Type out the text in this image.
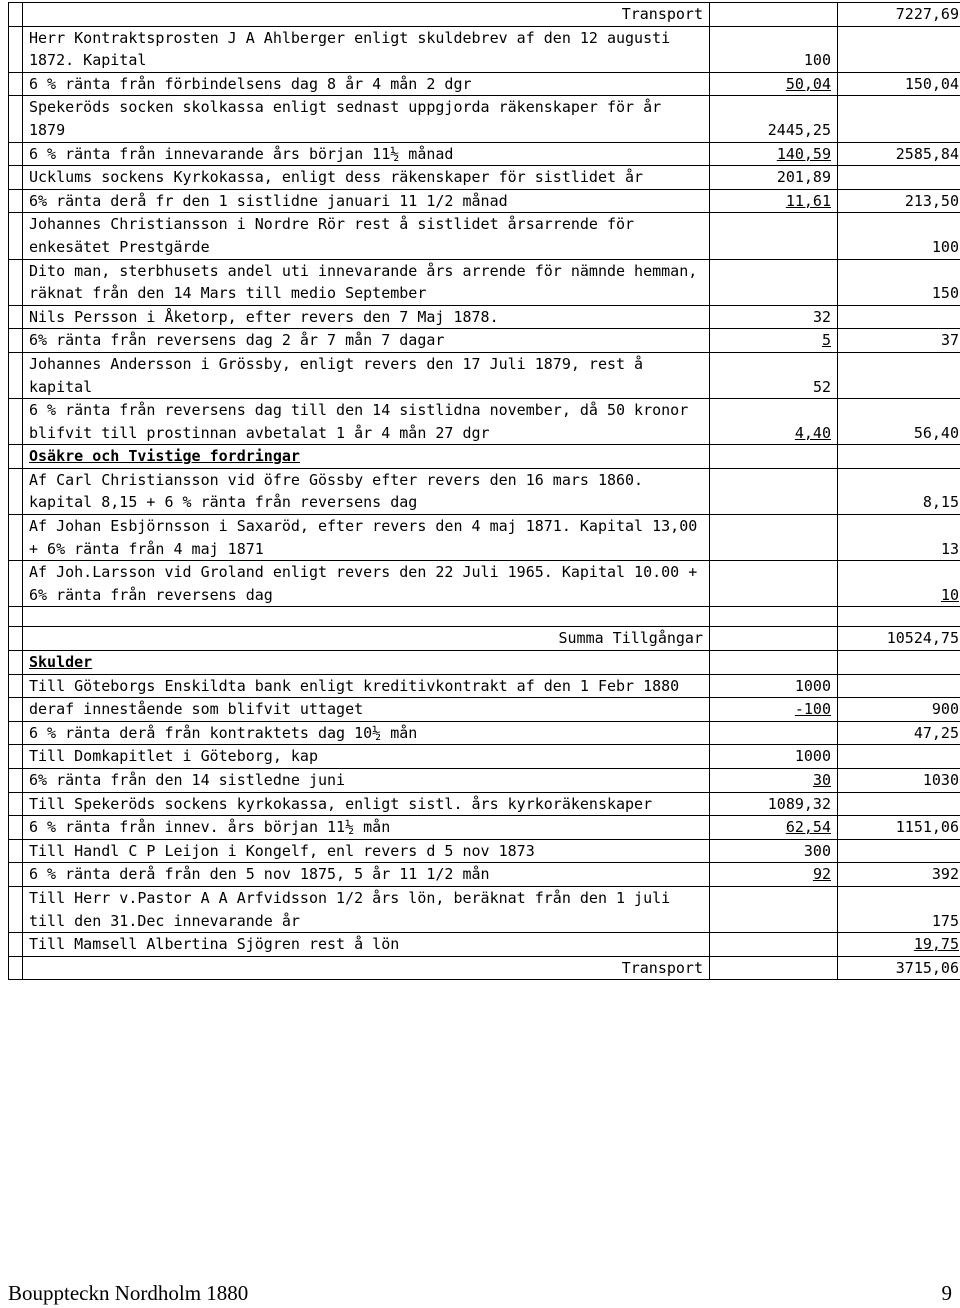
	Transport		7227,69
	Herr Kontraktsprosten J A Ahlberger enligt skuldebrev af den 12 augusti 1872. Kapital	100	
	6 % ränta från förbindelsens dag 8 år 4 mån 2 dgr	50,04	150,04
	Spekeröds socken skolkassa enligt sednast uppgjorda räkenskaper för år 1879	2445,25	
	6 % ränta från innevarande års början 11½ månad	140,59	2585,84
	Ucklums sockens Kyrkokassa, enligt dess räkenskaper för sistlidet år	201,89	
	6% ränta derå fr den 1 sistlidne januari 11 1/2 månad	11,61	213,50
	Johannes Christiansson i Nordre Rör rest å sistlidet årsarrende för enkesätet Prestgärde		100
	Dito man, sterbhusets andel uti innevarande års arrende för nämnde hemman, räknat från den 14 Mars till medio September		150
	Nils Persson i Åketorp, efter revers den 7 Maj 1878.	32	
	6% ränta från reversens dag 2 år 7 mån 7 dagar	5	37
	Johannes Andersson i Grössby, enligt revers den 17 Juli 1879, rest å kapital	52	
	6 % ränta från reversens dag till den 14 sistlidna november, då 50 kronor blifvit till prostinnan avbetalat 1 år 4 mån 27 dgr	4,40	56,40
	Osäkre och Tvistige fordringar		
	Af Carl Christiansson vid öfre Gössby efter revers den 16 mars 1860. kapital 8,15 + 6 % ränta från reversens dag		8,15
	Af Johan Esbjörnsson i Saxaröd, efter revers den 4 maj 1871. Kapital 13,00 + 6% ränta från 4 maj 1871		13
	Af Joh.Larsson vid Groland enligt revers den 22 Juli 1965. Kapital 10.00 + 6% ränta från reversens dag		10

	Summa Tillgångar		10524,75
	Skulder		
	Till Göteborgs Enskildta bank enligt kreditivkontrakt af den 1 Febr 1880	1000	
	deraf innestående som blifvit uttaget	-100	900
	6 % ränta derå från kontraktets dag 10½ mån		47,25
	Till Domkapitlet i Göteborg, kap	1000	
	6% ränta från den 14 sistledne juni	30	1030
	Till Spekeröds sockens kyrkokassa, enligt sistl. års kyrkoräkenskaper	1089,32	
	6 % ränta från innev. års början 11½ mån	62,54	1151,06
	Till Handl C P Leijon i Kongelf, enl revers d 5 nov 1873	300	
	6 % ränta derå från den 5 nov 1875, 5 år 11 1/2 mån	92	392
	Till Herr v.Pastor A A Arfvidsson 1/2 års lön, beräknat från den 1 juli till den 31.Dec innevarande år		175
	Till Mamsell Albertina Sjögren rest å lön		19,75
	Transport		3715,06
Bouppteckn Nordholm 1880	9
